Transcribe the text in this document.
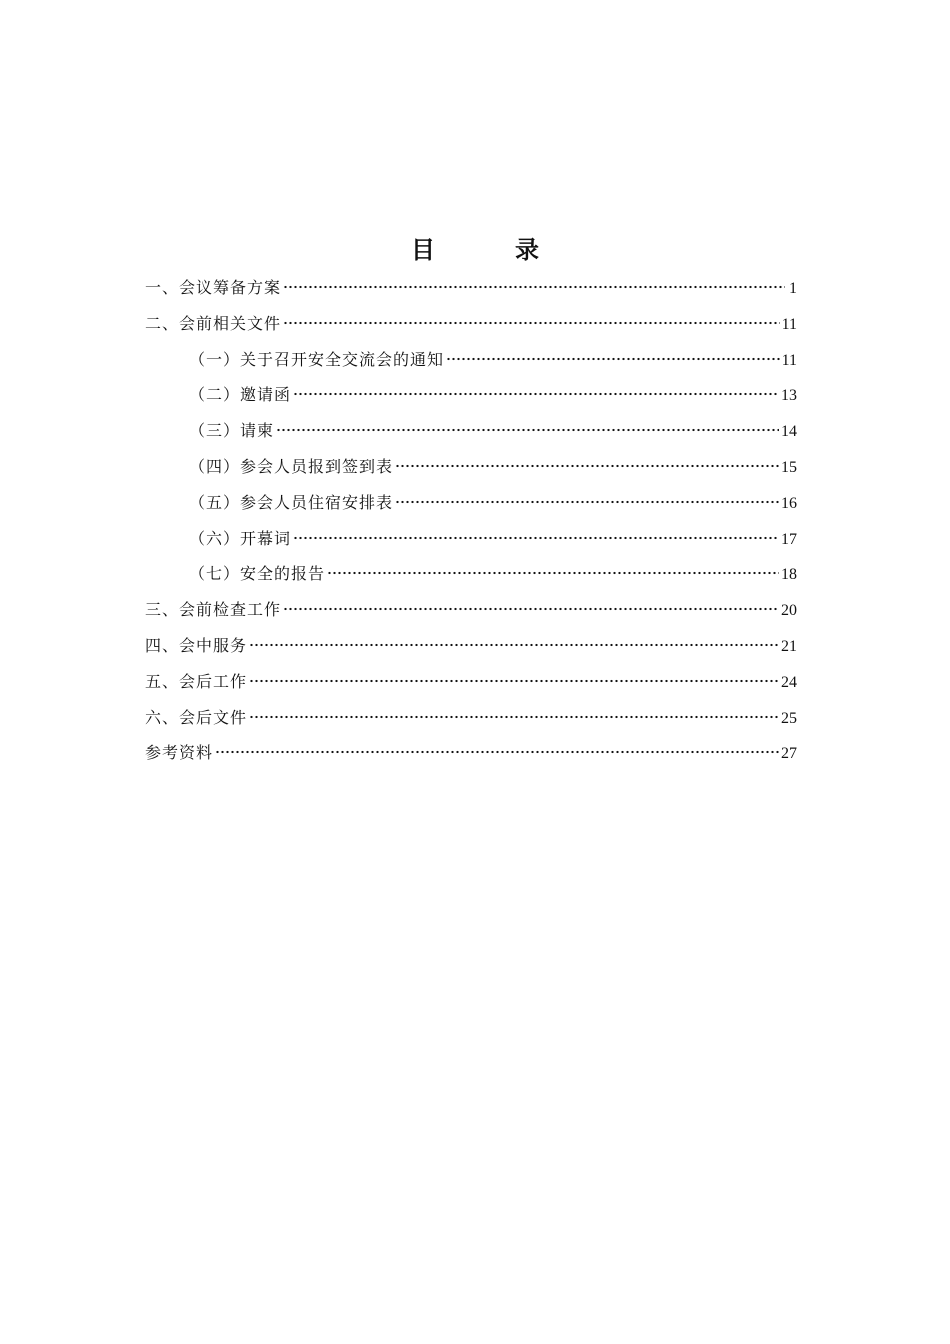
目　录
一、会议筹备方案	1
二、会前相关文件	11
（一）关于召开安全交流会的通知	11
（二）邀请函	13
（三）请柬	14
（四）参会人员报到签到表	15
（五）参会人员住宿安排表	16
（六）开幕词	17
（七）安全的报告	18
三、会前检查工作	20
四、会中服务	21
五、会后工作	24
六、会后文件	25
参考资料	27
